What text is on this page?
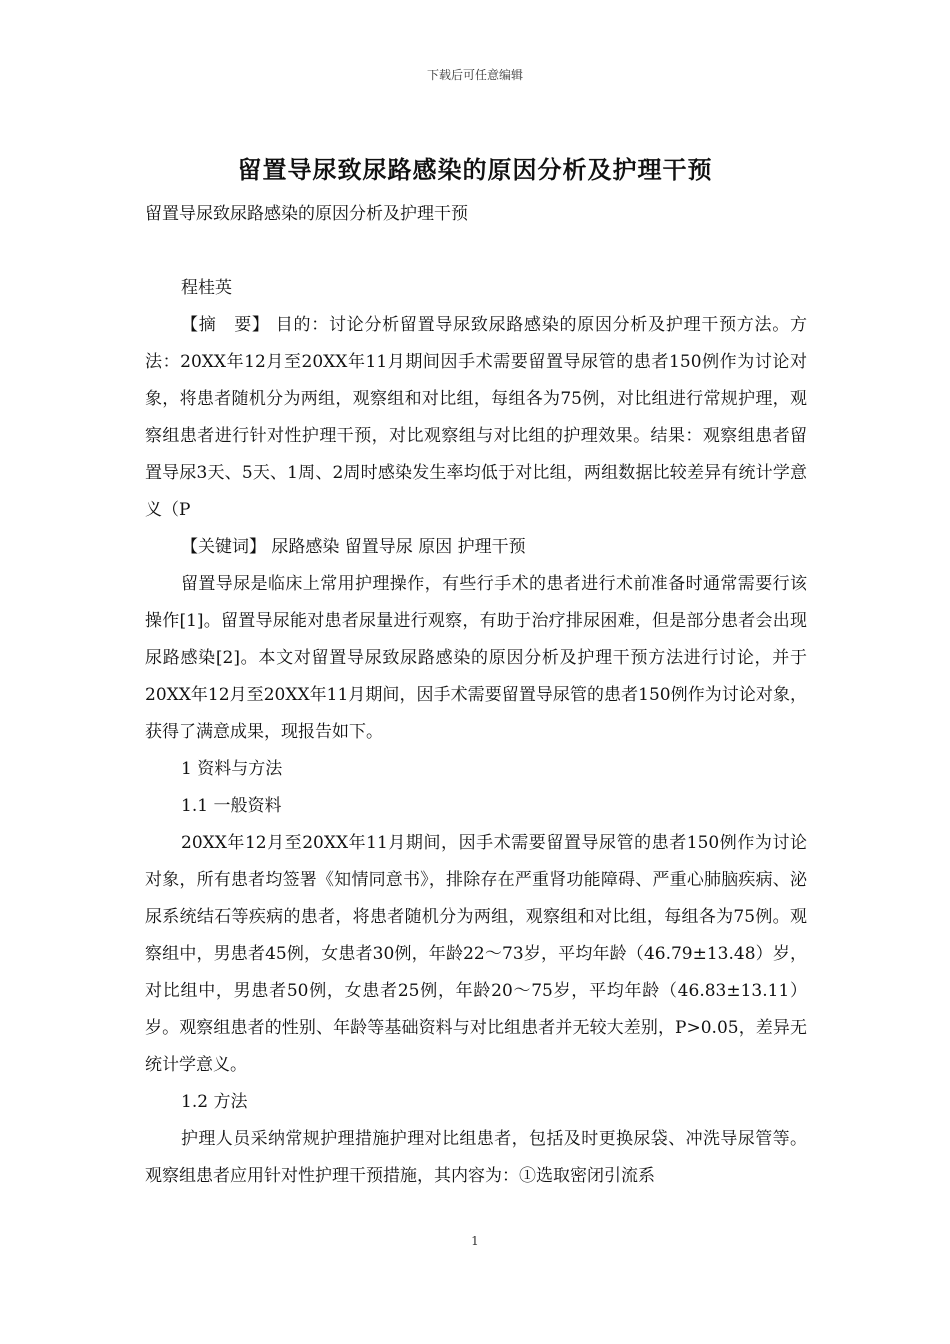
下载后可任意编辑
留置导尿致尿路感染的原因分析及护理干预

留置导尿致尿路感染的原因分析及护理干预

程桂英

【摘　要】 目的：讨论分析留置导尿致尿路感染的原因分析及护理干预方法。方法：20XX年12月至20XX年11月期间因手术需要留置导尿管的患者150例作为讨论对象，将患者随机分为两组，观察组和对比组，每组各为75例，对比组进行常规护理，观察组患者进行针对性护理干预，对比观察组与对比组的护理效果。结果：观察组患者留置导尿3天、5天、1周、2周时感染发生率均低于对比组，两组数据比较差异有统计学意义（P

【关键词】 尿路感染 留置导尿 原因 护理干预

留置导尿是临床上常用护理操作，有些行手术的患者进行术前准备时通常需要行该操作[1]。留置导尿能对患者尿量进行观察，有助于治疗排尿困难，但是部分患者会出现尿路感染[2]。本文对留置导尿致尿路感染的原因分析及护理干预方法进行讨论，并于20XX年12月至20XX年11月期间，因手术需要留置导尿管的患者150例作为讨论对象，获得了满意成果，现报告如下。

1 资料与方法

1.1 一般资料

20XX年12月至20XX年11月期间，因手术需要留置导尿管的患者150例作为讨论对象，所有患者均签署《知情同意书》，排除存在严重肾功能障碍、严重心肺脑疾病、泌尿系统结石等疾病的患者，将患者随机分为两组，观察组和对比组，每组各为75例。观察组中，男患者45例，女患者30例，年龄22～73岁，平均年龄（46.79±13.48）岁，对比组中，男患者50例，女患者25例，年龄20～75岁，平均年龄（46.83±13.11）岁。观察组患者的性别、年龄等基础资料与对比组患者并无较大差别，P>0.05，差异无统计学意义。

1.2 方法

护理人员采纳常规护理措施护理对比组患者，包括及时更换尿袋、冲洗导尿管等。观察组患者应用针对性护理干预措施，其内容为：①选取密闭引流系

1
